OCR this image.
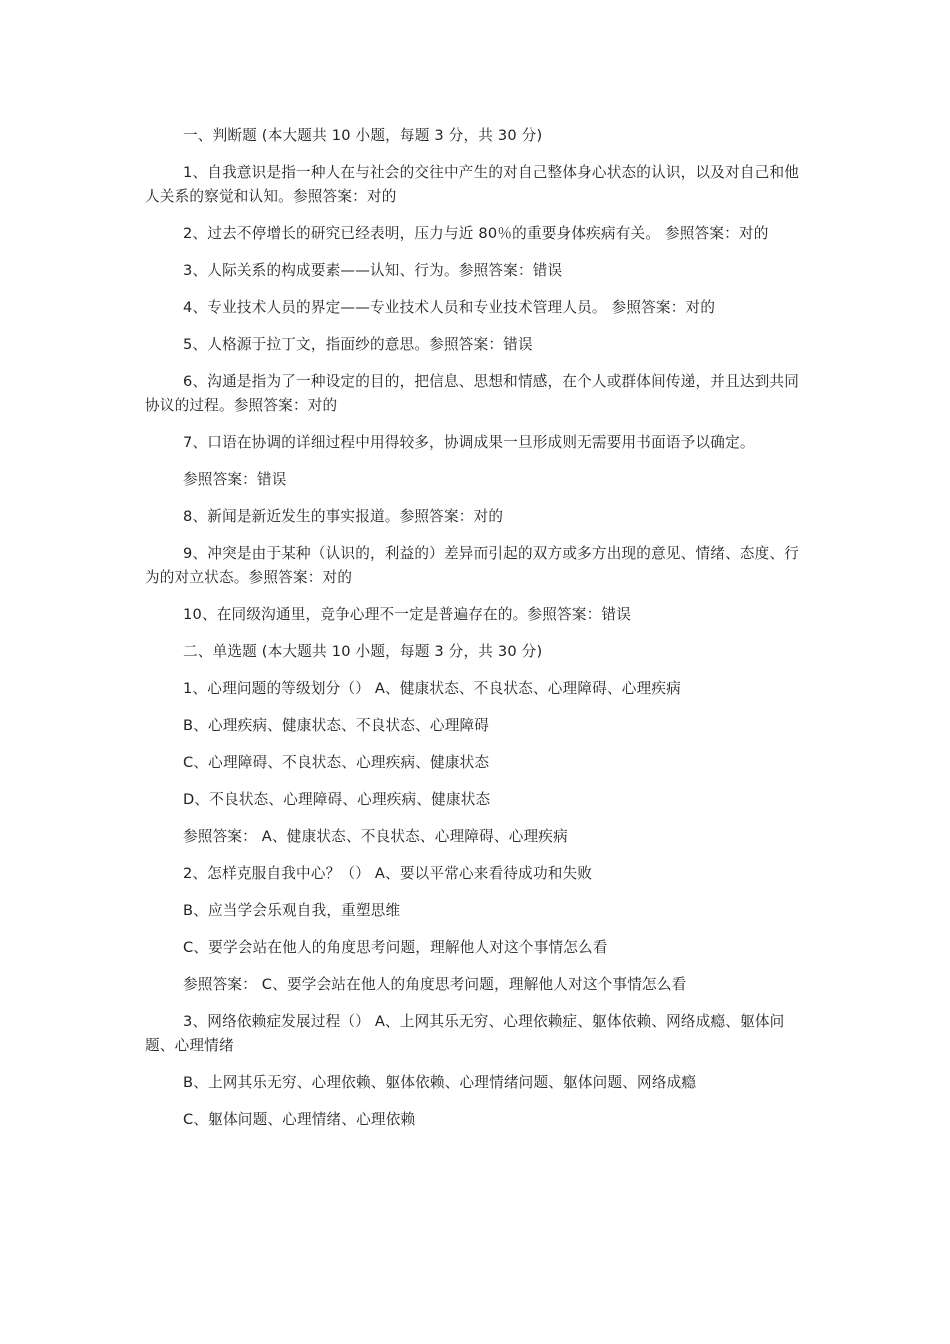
一、判断题 (本大题共 10 小题，每题 3 分，共 30 分)

1、自我意识是指一种人在与社会的交往中产生的对自己整体身心状态的认识，以及对自己和他人关系的察觉和认知。参照答案：对的

2、过去不停增长的研究已经表明，压力与近 80％的重要身体疾病有关。 参照答案：对的

3、人际关系的构成要素——认知、行为。参照答案：错误

4、专业技术人员的界定——专业技术人员和专业技术管理人员。 参照答案：对的

5、人格源于拉丁文，指面纱的意思。参照答案：错误

6、沟通是指为了一种设定的目的，把信息、思想和情感，在个人或群体间传递，并且达到共同协议的过程。参照答案：对的

7、口语在协调的详细过程中用得较多，协调成果一旦形成则无需要用书面语予以确定。

参照答案：错误

8、新闻是新近发生的事实报道。参照答案：对的

9、冲突是由于某种（认识的，利益的）差异而引起的双方或多方出现的意见、情绪、态度、行为的对立状态。参照答案：对的

10、在同级沟通里，竞争心理不一定是普遍存在的。参照答案：错误

二、单选题 (本大题共 10 小题，每题 3 分，共 30 分)

1、心理问题的等级划分（） A、健康状态、不良状态、心理障碍、心理疾病

B、心理疾病、健康状态、不良状态、心理障碍

C、心理障碍、不良状态、心理疾病、健康状态

D、不良状态、心理障碍、心理疾病、健康状态

参照答案： A、健康状态、不良状态、心理障碍、心理疾病

2、怎样克服自我中心？（） A、要以平常心来看待成功和失败

B、应当学会乐观自我，重塑思维

C、要学会站在他人的角度思考问题，理解他人对这个事情怎么看

参照答案： C、要学会站在他人的角度思考问题，理解他人对这个事情怎么看

3、网络依赖症发展过程（） A、上网其乐无穷、心理依赖症、躯体依赖、网络成瘾、躯体问题、心理情绪

B、上网其乐无穷、心理依赖、躯体依赖、心理情绪问题、躯体问题、网络成瘾

C、躯体问题、心理情绪、心理依赖
